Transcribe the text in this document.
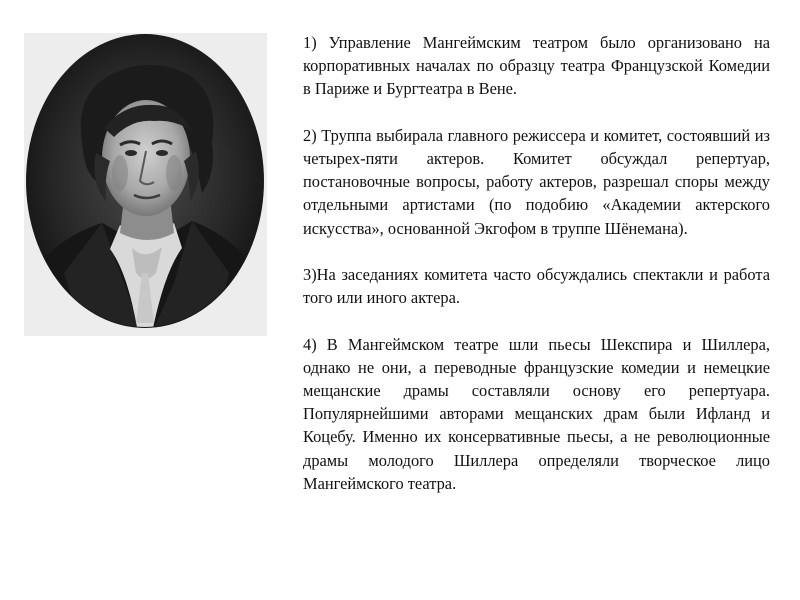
1) Управление Мангеймским театром было организовано на корпоративных началах по образцу театра Французской Комедии в Париже и Бургтеатра в Вене.

2) Труппа выбирала главного режиссера и комитет, состоявший из четырех-пяти актеров. Комитет обсуждал репертуар, постановочные вопросы, работу актеров, разрешал споры между отдельными артистами (по подобию «Академии актерского искусства», основанной Экгофом в труппе Шёнемана).

3)На заседаниях комитета часто обсуждались спектакли и работа того или иного актера.

4) В Мангеймском театре шли пьесы Шекспира и Шиллера, однако не они, а переводные французские комедии и немецкие мещанские драмы составляли основу его репертуара. Популярнейшими авторами мещанских драм были Ифланд и Коцебу. Именно их консервативные пьесы, а не революционные драмы молодого Шиллера определяли творческое лицо Мангеймского театра.
